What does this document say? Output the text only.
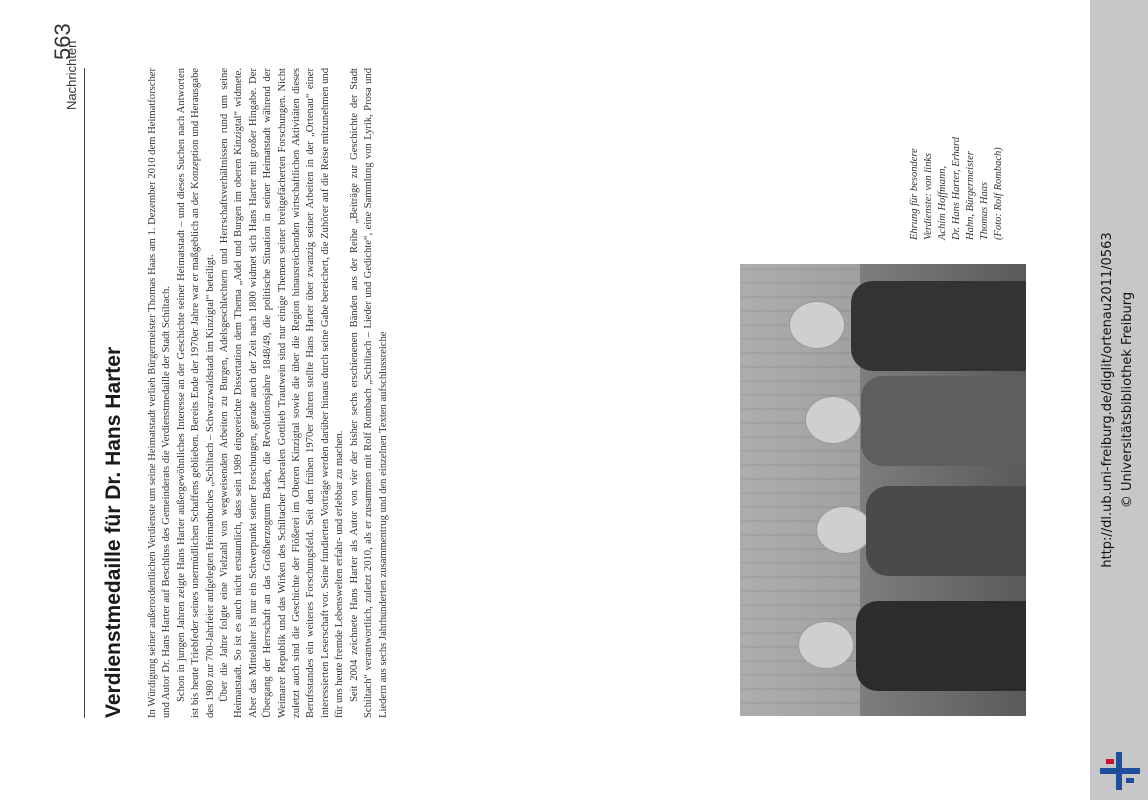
Nachrichten
563
Verdienstmedaille für Dr. Hans Harter In Würdigung seiner außerordentlichen Verdienste um seine Heimatstadt verlieh Bürgermeister Thomas Haas am 1. Dezember 2010 dem Heimatforscher und Autor Dr. Hans Harter auf Beschluss des Gemeinderats die Verdienstmedaille der Stadt Schiltach. Schon in jungen Jahren zeigte Hans Harter außergewöhnliches Interesse an der Geschichte seiner Heimatstadt – und dieses Suchen nach Antworten ist bis heute Triebfeder seines unermüdlichen Schaffens geblieben. Bereits Ende der 1970er Jahre war er maßgeblich an der Konzeption und Herausgabe des 1980 zur 700-Jahrfeier aufgelegten Heimatbuches „Schiltach – Schwarzwaldstadt im Kinzigtal“ beteiligt. Über die Jahre folgte eine Vielzahl von wegweisenden Arbeiten zu Burgen, Adelsgeschlechtern und Herrschaftsverhältnissen rund um seine Heimatstadt. So ist es auch nicht erstaunlich, dass sein 1989 eingereichte Dissertation dem Thema „Adel und Burgen im oberen Kinzigtal“ widmete. Aber das Mittelalter ist nur ein Schwerpunkt seiner Forschungen, gerade auch der Zeit nach 1800 widmet sich Hans Harter mit großer Hingabe. Der Übergang der Herrschaft an das Großherzogtum Baden, die Revolutionsjahre 1848/49, die politische Situation in seiner Heimatstadt während der Weimarer Republik und das Wirken des Schiltacher Liberalen Gottlieb Trautwein sind nur einige Themen seiner breitgefächerten Forschungen. Nicht zuletzt auch sind die Geschichte der Flößerei im Oberen Kinzigtal sowie die über die Region hinausreichenden wirtschaftlichen Aktivitäten dieses Berufsstandes ein weiteres Forschungsfeld. Seit den frühen 1970er Jahren stellte Hans Harter über zwanzig seiner Arbeiten in der „Ortenau“ einer interessierten Leserschaft vor. Seine fundierten Vorträge werden darüber hinaus durch seine Gabe bereichert, die Zuhörer auf die Reise mitzunehmen und für uns heute fremde Lebenswelten erfahr- und erlebbar zu machen. Seit 2004 zeichnete Hans Harter als Autor von vier der bisher sechs erschienenen Bänden aus der Reihe „Beiträge zur Geschichte der Stadt Schiltach“ verantwortlich, zuletzt 2010, als er zusammen mit Rolf Rombach „Schiltach – Lieder und Gedichte“, eine Sammlung von Lyrik, Prosa und Liedern aus sechs Jahrhunderten zusammentrug und den einzelnen Texten aufschlussreiche

Ehrung für besondere Verdienste: von links Achim Hoffmann, Dr. Hans Harter, Erhard Hahn, Bürgermeister Thomas Haas (Foto: Rolf Rombach)
http://dl.ub.uni-freiburg.de/diglit/ortenau2011/0563 © Universitätsbibliothek Freiburg
